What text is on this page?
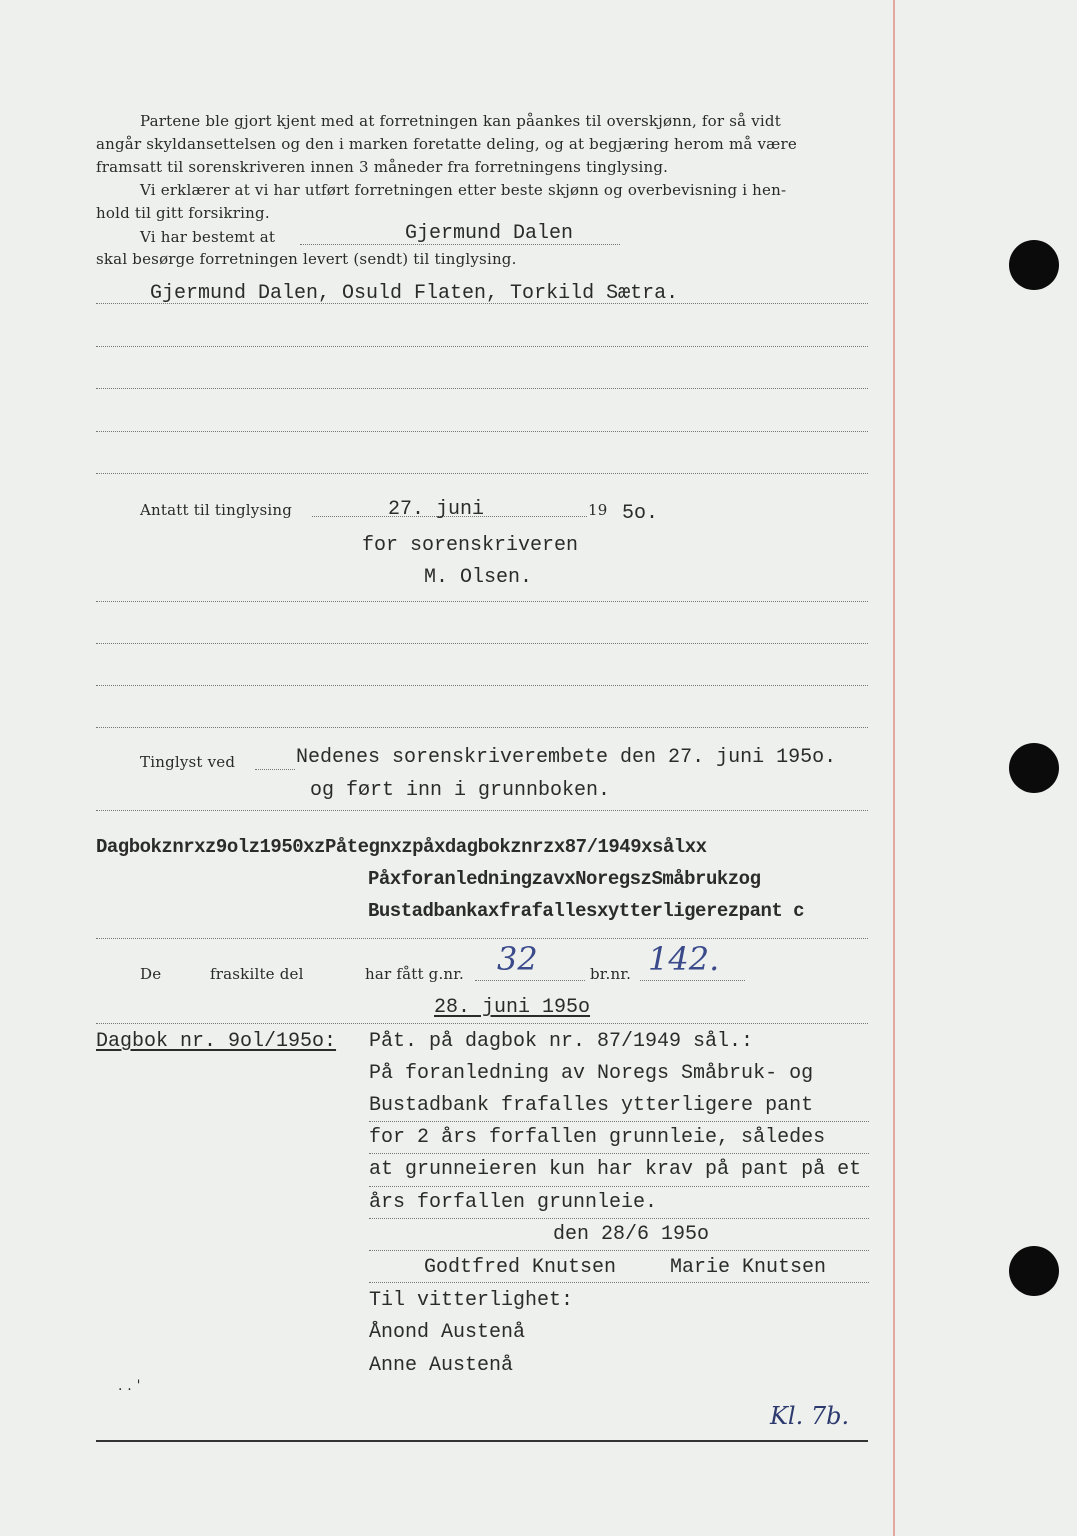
Partene ble gjort kjent med at forretningen kan påankes til overskjønn, for så vidt
angår skyldansettelsen og den i marken foretatte deling, og at begjæring herom må være
framsatt til sorenskriveren innen 3 måneder fra forretningens tinglysing.
Vi erklærer at vi har utført forretningen etter beste skjønn og overbevisning i hen-
hold til gitt forsikring.
Vi har bestemt at	Gjermund Dalen
skal besørge forretningen levert (sendt) til tinglysing.
Gjermund Dalen, Osuld Flaten, Torkild Sætra.
Antatt til tinglysing	27. juni	19 5o.
for sorenskriveren
M. Olsen.
Tinglyst ved	Nedenes sorenskriverembete den 27. juni 195o.
og ført inn i grunnboken.
Dagbokznrxz9olz1950xzPåtegnxzpåxdagbokznrzx87/1949xsålxx
PåxforanledningzavxNoregszSmåbrukzog
Bustadbankaxfrafallesxytterligerezpant c
De	fraskilte del	har fått g.nr. 32	br.nr. 142.
28. juni 195o
Dagbok nr. 9ol/195o: Påt. på dagbok nr. 87/1949 sål.:
På foranledning av Noregs Småbruk- og
Bustadbank frafalles ytterligere pant
for 2 års forfallen grunnleie, således
at grunneieren kun har krav på pant på et
års forfallen grunnleie.
den 28/6 195o
Godtfred Knutsen	Marie Knutsen
Til vitterlighet:
Ånond Austenå
Anne Austenå
. . '
Kl. 7b.
